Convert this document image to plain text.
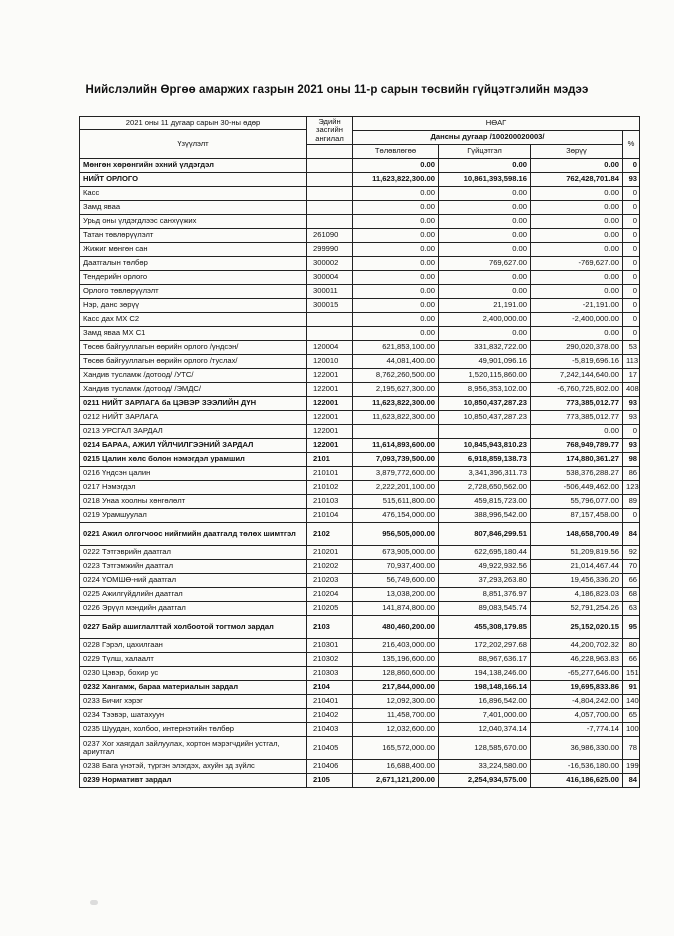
Нийслэлийн Өргөө амаржих газрын 2021 оны 11-р сарын төсвийн гүйцэтгэлийн мэдээ
2021 оны 11 дугаар сарын 30-ны өдөр	Эдийн засгийн ангилал	НӨАГ			
Үзүүлэлт					
		Дансны дугаар /100200020003/			%
		Төлөвлөгөө	Гүйцэтгэл	Зөрүү	
Мөнгөн хөрөнгийн эхний үлдэгдэл		0.00	0.00	0.00	0
НИЙТ ОРЛОГО		11,623,822,300.00	10,861,393,598.16	762,428,701.84	93
Касс		0.00	0.00	0.00	0
Замд яваа		0.00	0.00	0.00	0
Урьд оны үлдэгдлээс санхүүжих		0.00	0.00	0.00	0
Татан төвлөрүүлэлт	261090	0.00	0.00	0.00	0
Жижиг мөнгөн сан	299990	0.00	0.00	0.00	0
Даатгалын төлбөр	300002	0.00	769,627.00	-769,627.00	0
Тендерийн орлого	300004	0.00	0.00	0.00	0
Орлого төвлөрүүлэлт	300011	0.00	0.00	0.00	0
Нэр, данс зөрүү	300015	0.00	21,191.00	-21,191.00	0
Касс дах МХ С2		0.00	2,400,000.00	-2,400,000.00	0
Замд яваа МХ С1		0.00	0.00	0.00	0
Төсөв байгууллагын өөрийн орлого /үндсэн/	120004	621,853,100.00	331,832,722.00	290,020,378.00	53
Төсөв байгууллагын өөрийн орлого /туслах/	120010	44,081,400.00	49,901,096.16	-5,819,696.16	113
Хандив тусламж /дотоод/ /УТС/	122001	8,762,260,500.00	1,520,115,860.00	7,242,144,640.00	17
Хандив тусламж /дотоод/ /ЭМДС/	122001	2,195,627,300.00	8,956,353,102.00	-6,760,725,802.00	408
0211 НИЙТ ЗАРЛАГА ба ЦЭВЭР ЗЭЭЛИЙН ДҮН	122001	11,623,822,300.00	10,850,437,287.23	773,385,012.77	93
0212 НИЙТ ЗАРЛАГА	122001	11,623,822,300.00	10,850,437,287.23	773,385,012.77	93
0213 УРСГАЛ ЗАРДАЛ	122001			0.00	0
0214 БАРАА, АЖИЛ ҮЙЛЧИЛГЭЭНИЙ ЗАРДАЛ	122001	11,614,893,600.00	10,845,943,810.23	768,949,789.77	93
0215 Цалин хөлс болон нэмэгдэл урамшил	2101	7,093,739,500.00	6,918,859,138.73	174,880,361.27	98
0216 Үндсэн цалин	210101	3,879,772,600.00	3,341,396,311.73	538,376,288.27	86
0217 Нэмэгдэл	210102	2,222,201,100.00	2,728,650,562.00	-506,449,462.00	123
0218 Унаа хоолны хөнгөлөлт	210103	515,611,800.00	459,815,723.00	55,796,077.00	89
0219 Урамшуулал	210104	476,154,000.00	388,996,542.00	87,157,458.00	0
0221 Ажил олгогчоос нийгмийн даатгалд төлөх шимтгэл	2102	956,505,000.00	807,846,299.51	148,658,700.49	84
0222 Тэтгэврийн даатгал	210201	673,905,000.00	622,695,180.44	51,209,819.56	92
0223 Тэтгэмжийн даатгал	210202	70,937,400.00	49,922,932.56	21,014,467.44	70
0224 ҮОМШӨ-ний даатгал	210203	56,749,600.00	37,293,263.80	19,456,336.20	66
0225 Ажилгүйдлийн даатгал	210204	13,038,200.00	8,851,376.97	4,186,823.03	68
0226 Эрүүл мэндийн даатгал	210205	141,874,800.00	89,083,545.74	52,791,254.26	63
0227 Байр ашиглалттай холбоотой тогтмол зардал	2103	480,460,200.00	455,308,179.85	25,152,020.15	95
0228 Гэрэл, цахилгаан	210301	216,403,000.00	172,202,297.68	44,200,702.32	80
0229 Түлш, халаалт	210302	135,196,600.00	88,967,636.17	46,228,963.83	66
0230 Цэвэр, бохир ус	210303	128,860,600.00	194,138,246.00	-65,277,646.00	151
0232 Хангамж, бараа материалын зардал	2104	217,844,000.00	198,148,166.14	19,695,833.86	91
0233 Бичиг хэрэг	210401	12,092,300.00	16,896,542.00	-4,804,242.00	140
0234 Тээвэр, шатахуун	210402	11,458,700.00	7,401,000.00	4,057,700.00	65
0235 Шуудан, холбоо, интернэтийн төлбөр	210403	12,032,600.00	12,040,374.14	-7,774.14	100
0237 Хог хаягдал зайлуулах, хортон мэрэгчдийн устгал, ариутгал	210405	165,572,000.00	128,585,670.00	36,986,330.00	78
0238 Бага үнэтэй, түргэн элэгдэх, ахуйн зд зүйлс	210406	16,688,400.00	33,224,580.00	-16,536,180.00	199
0239 Нормативт зардал	2105	2,671,121,200.00	2,254,934,575.00	416,186,625.00	84
